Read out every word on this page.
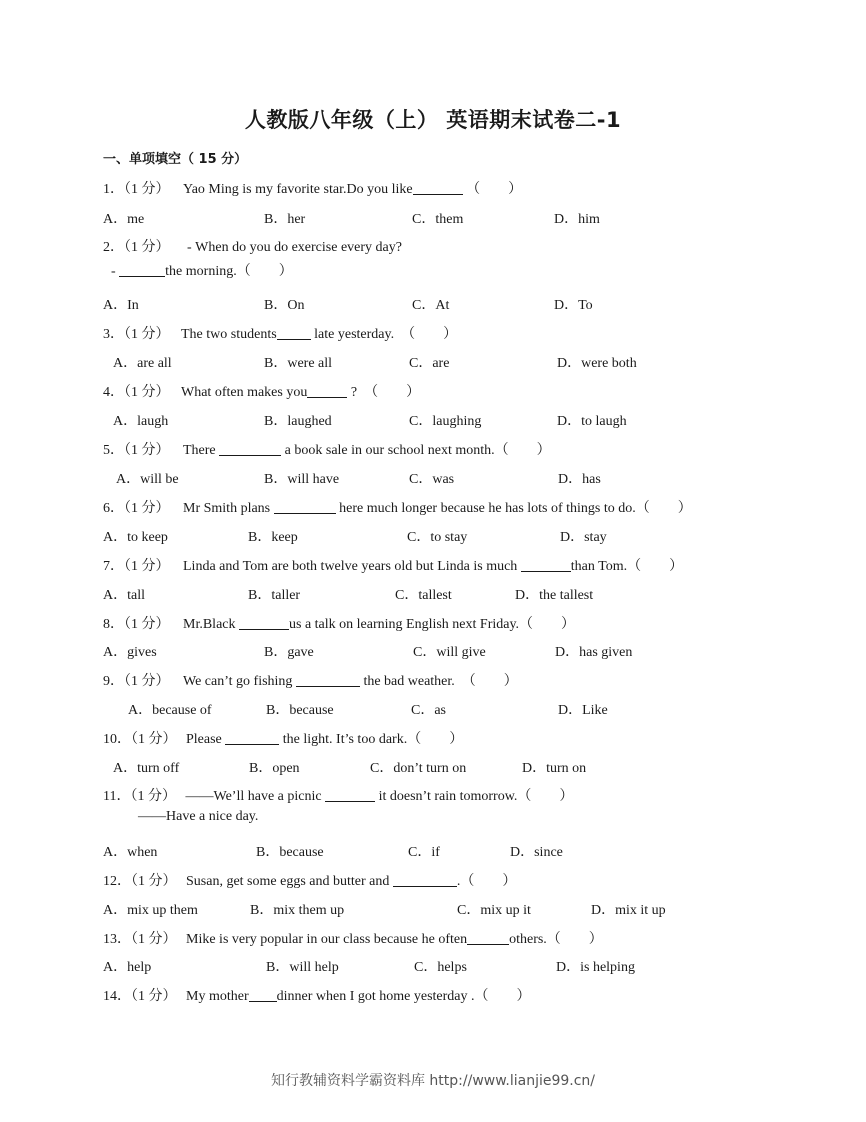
人教版八年级（上） 英语期末试卷二-1
一、单项填空（ 15 分）
1．（1 分） Yao Ming is my favorite star.Do you like	（　　）
A．me	B．her	C．them	D．him
2．（1 分） - When do you do exercise every day?
-	the morning.（　　）
A．In	B．On	C．At	D．To
3．（1 分） The two students	late yesterday.　（　　）
A．are all	B．were all	C．are	D．were both
4．（1 分） What often makes you	?　（　　）
A．laugh	B．laughed	C．laughing	D．to laugh
5．（1 分） There	a book sale in our school next month.（　　）
A．will be	B．will have	C．was	D．has
6．（1 分） Mr Smith plans	here much longer because he has lots of things to do.（　　）
A．to keep	B．keep	C．to stay	D．stay
7．（1 分） Linda and Tom are both twelve years old but Linda is much	than Tom.（　　）
A．tall	B．taller	C．tallest	D．the tallest
8．（1 分） Mr.Black	us a talk on learning English next Friday.（　　）
A．gives	B．gave	C．will give	D．has given
9．（1 分） We can’t go fishing	the bad weather.　（　　）
A．because of	B．because	C．as	D．Like
10．（1 分） Please	the light. It’s too dark.（　　）
A．turn off	B．open	C．don’t turn on	D．turn on
11．（1 分） ——We’ll have a picnic	it doesn’t rain tomorrow.（　　）
——Have a nice day.
A．when	B．because	C．if	D．since
12．（1 分） Susan, get some eggs and butter and	.（　　）
A．mix up them	B．mix them up	C．mix up it	D．mix it up
13．（1 分） Mike is very popular in our class because he often	others.（　　）
A．help	B．will help	C．helps	D．is helping
14．（1 分） My mother dinner when I got home yesterday .（　　）
知行教辅资料学霸资料库 http://www.lianjie99.cn/
